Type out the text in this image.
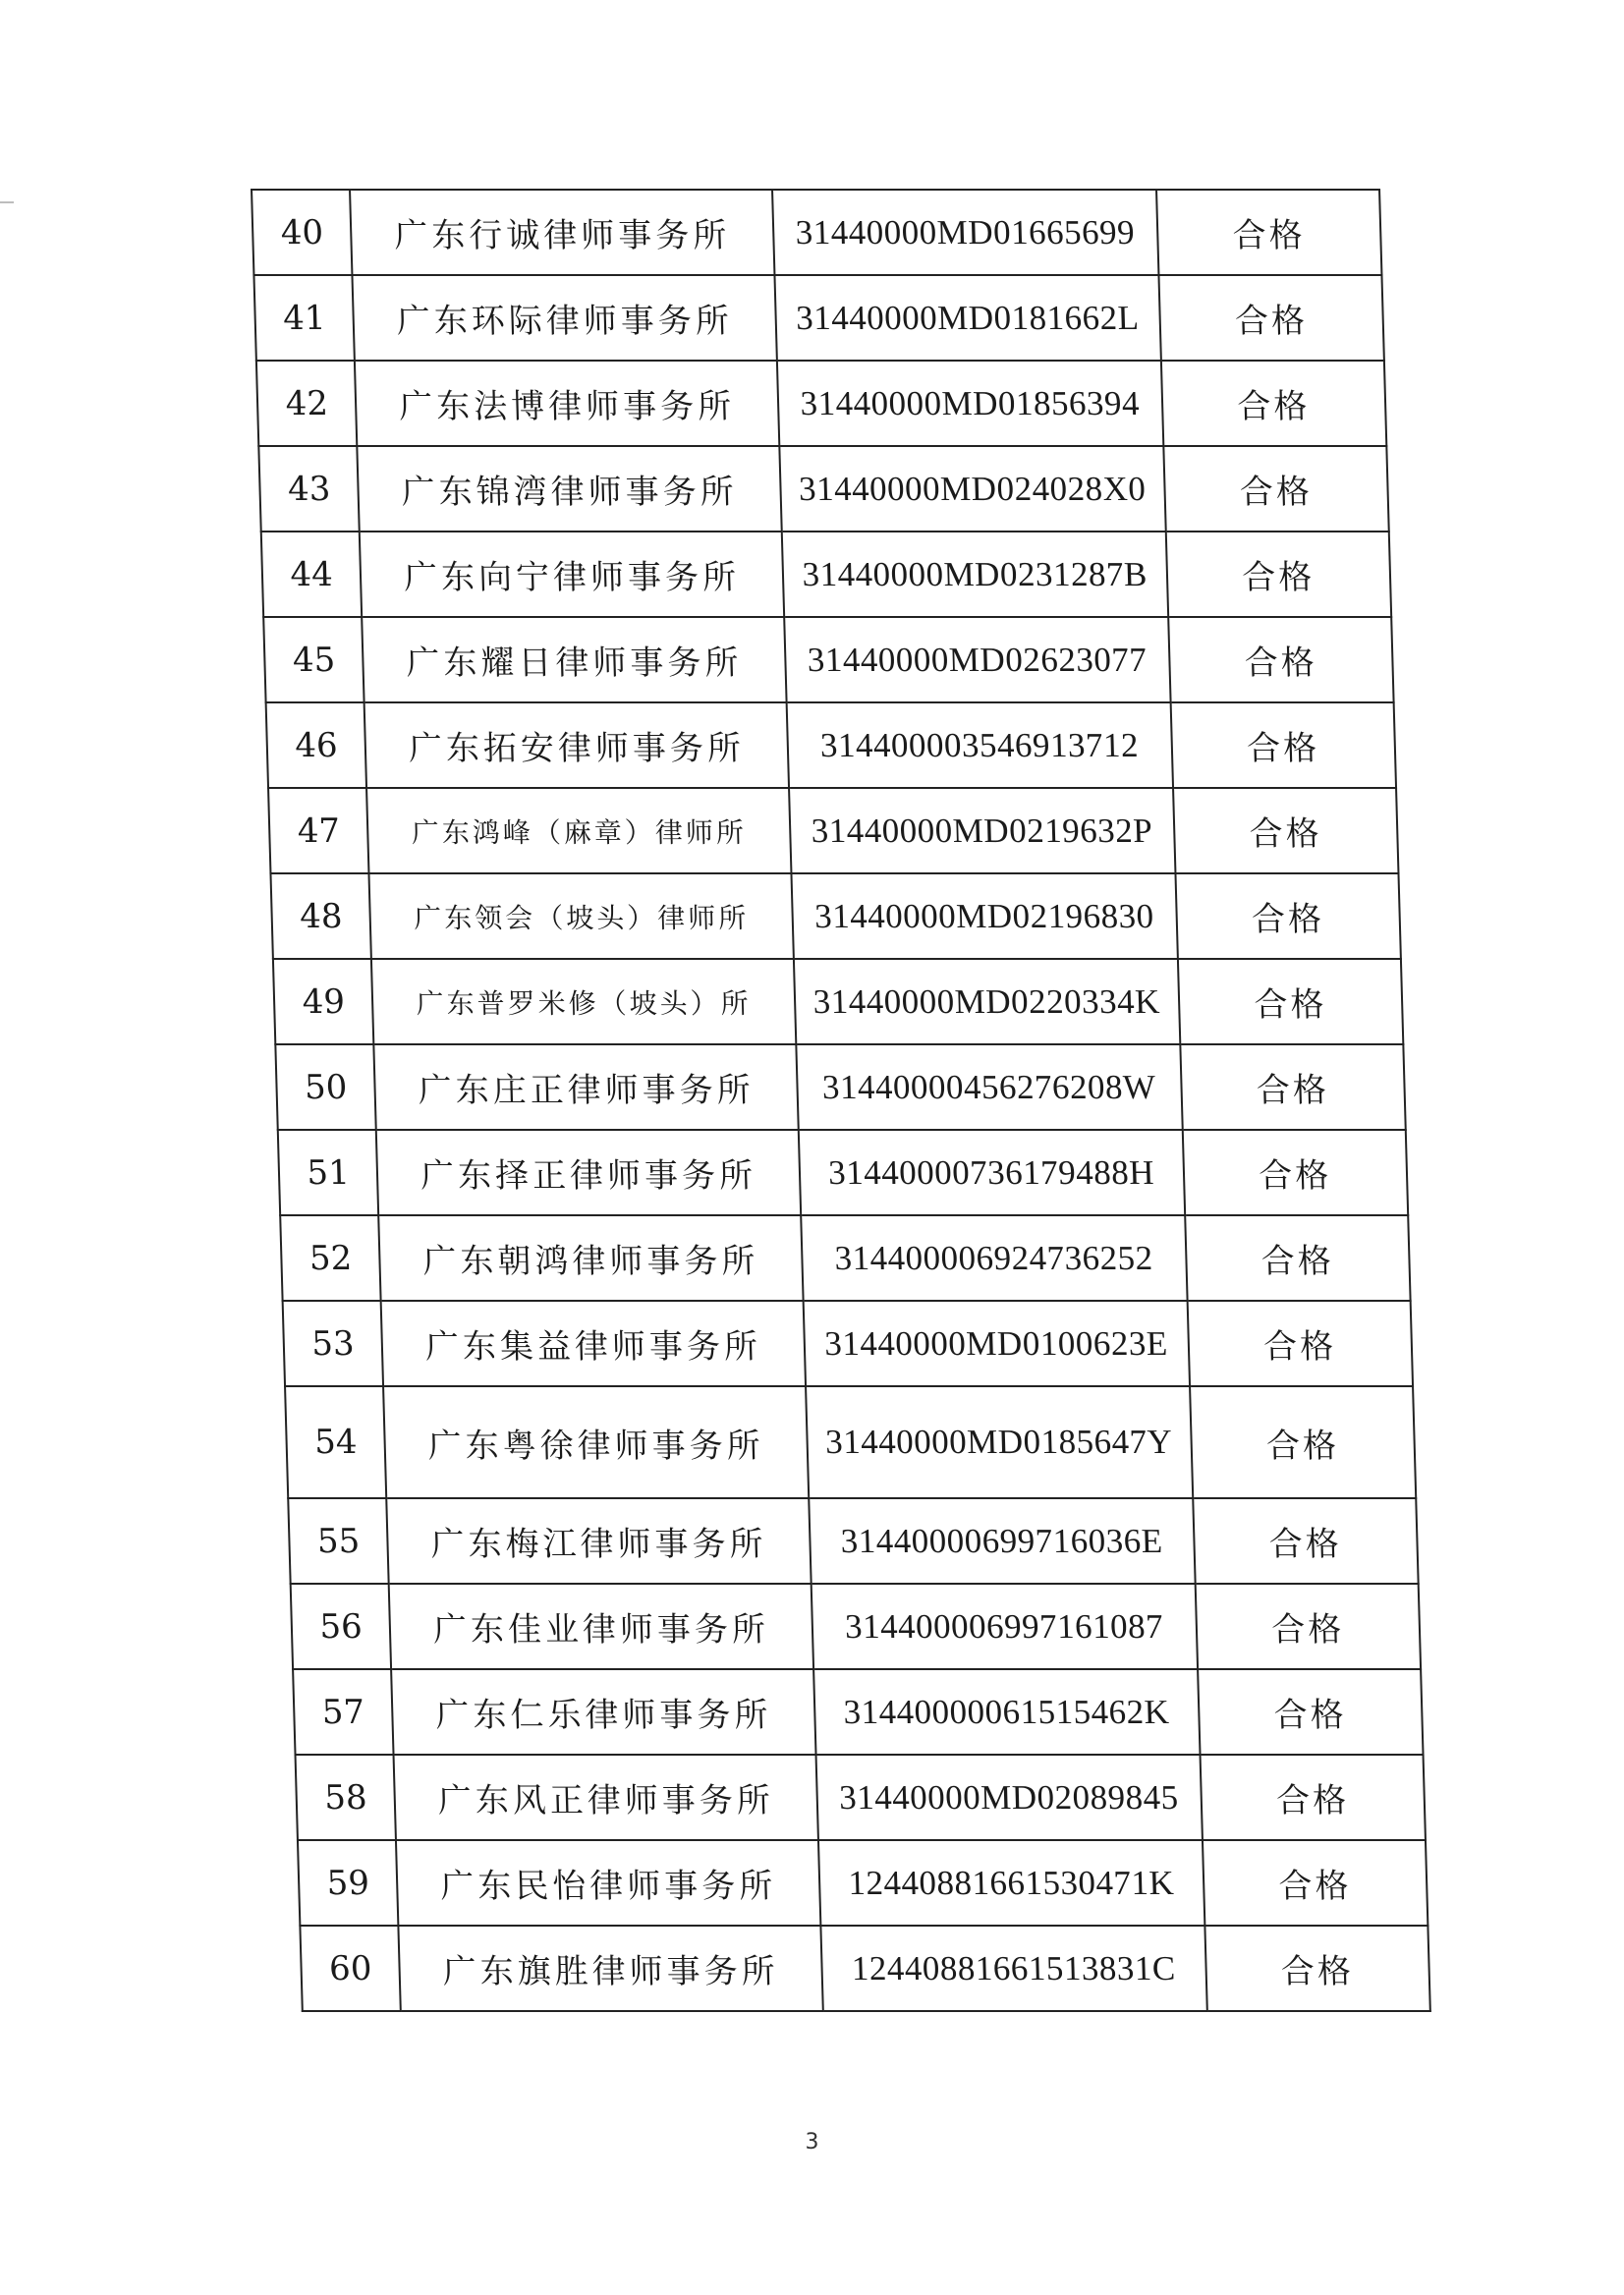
40	广东行诚律师事务所	31440000MD01665699	合格
41	广东环际律师事务所	31440000MD0181662L	合格
42	广东法博律师事务所	31440000MD01856394	合格
43	广东锦湾律师事务所	31440000MD024028X0	合格
44	广东向宁律师事务所	31440000MD0231287B	合格
45	广东耀日律师事务所	31440000MD02623077	合格
46	广东拓安律师事务所	314400003546913712	合格
47	广东鸿峰（麻章）律师所	31440000MD0219632P	合格
48	广东领会（坡头）律师所	31440000MD02196830	合格
49	广东普罗米修（坡头）所	31440000MD0220334K	合格
50	广东庄正律师事务所	31440000456276208W	合格
51	广东择正律师事务所	31440000736179488H	合格
52	广东朝鸿律师事务所	314400006924736252	合格
53	广东集益律师事务所	31440000MD0100623E	合格
54	广东粤徐律师事务所	31440000MD0185647Y	合格
55	广东梅江律师事务所	31440000699716036E	合格
56	广东佳业律师事务所	314400006997161087	合格
57	广东仁乐律师事务所	31440000061515462K	合格
58	广东风正律师事务所	31440000MD02089845	合格
59	广东民怡律师事务所	12440881661530471K	合格
60	广东旗胜律师事务所	12440881661513831C	合格
3
